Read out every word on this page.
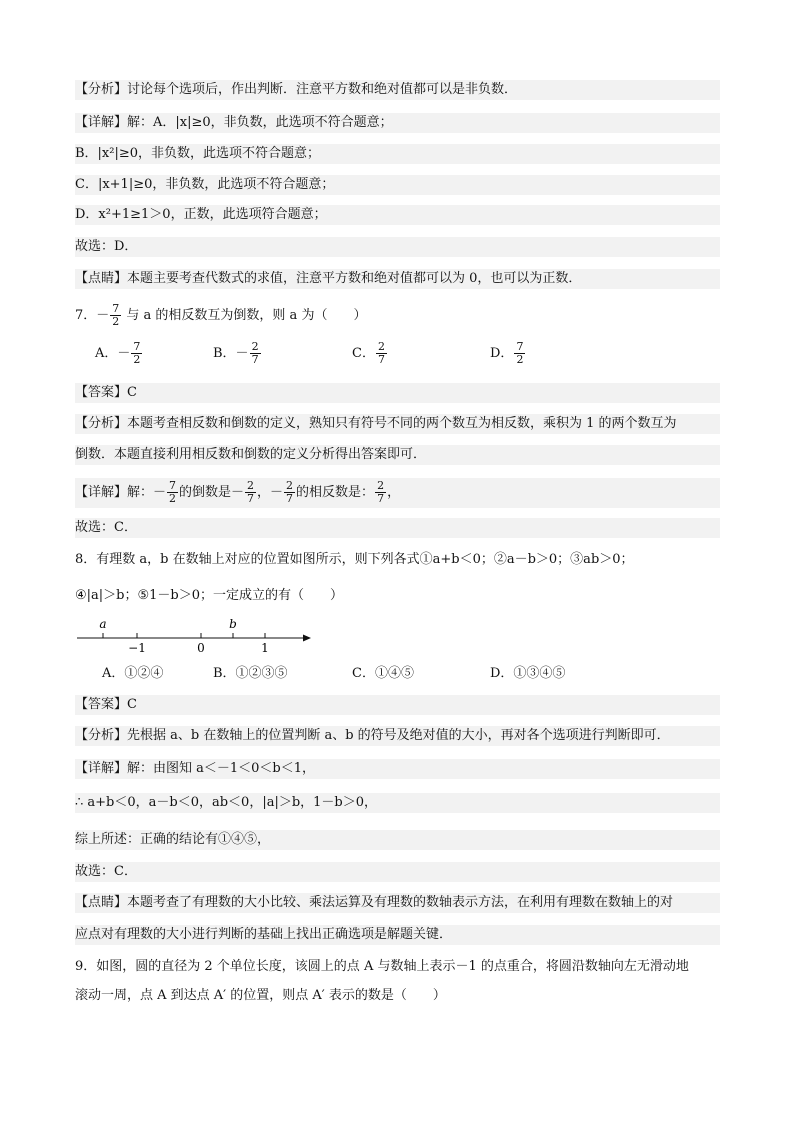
【分析】讨论每个选项后，作出判断．注意平方数和绝对值都可以是非负数．
【详解】解：A．|x|≥0，非负数，此选项不符合题意；
B．|x²|≥0，非负数，此选项不符合题意；
C．|x+1|≥0，非负数，此选项不符合题意；
D．x²+1≥1＞0，正数，此选项符合题意；
故选：D．
【点睛】本题主要考查代数式的求值，注意平方数和绝对值都可以为 0，也可以为正数．
7．－ $\frac{7}{2}$ 与 a 的相反数互为倒数，则 a 为（　　）
A．－ $\frac{7}{2}$	B．－ $\frac{2}{7}$	C． $\frac{2}{7}$	D． $\frac{7}{2}$
【答案】C
【分析】本题考查相反数和倒数的定义，熟知只有符号不同的两个数互为相反数，乘积为 1 的两个数互为
倒数．本题直接利用相反数和倒数的定义分析得出答案即可．
【详解】解：－ $\frac{7}{2}$ 的倒数是－ $\frac{2}{7}$ ，－ $\frac{2}{7}$ 的相反数是： $\frac{2}{7}$ ，
故选：C．
8．有理数 a，b 在数轴上对应的位置如图所示，则下列各式①a+b＜0；②a－b＞0；③ab＞0；
④|a|＞b；⑤1－b＞0；一定成立的有（　　）
a	b
−1	0	1
A．①②④	B．①②③⑤	C．①④⑤	D．①③④⑤
【答案】C
【分析】先根据 a、b 在数轴上的位置判断 a、b 的符号及绝对值的大小，再对各个选项进行判断即可．
【详解】解：由图知 a＜－1＜0＜b＜1，
∴ a+b＜0，a－b＜0，ab＜0，|a|＞b，1－b＞0，
综上所述：正确的结论有①④⑤，
故选：C．
【点睛】本题考查了有理数的大小比较、乘法运算及有理数的数轴表示方法，在利用有理数在数轴上的对
应点对有理数的大小进行判断的基础上找出正确选项是解题关键．
9．如图，圆的直径为 2 个单位长度，该圆上的点 A 与数轴上表示－1 的点重合，将圆沿数轴向左无滑动地
滚动一周，点 A 到达点 A′ 的位置，则点 A′ 表示的数是（　　）
